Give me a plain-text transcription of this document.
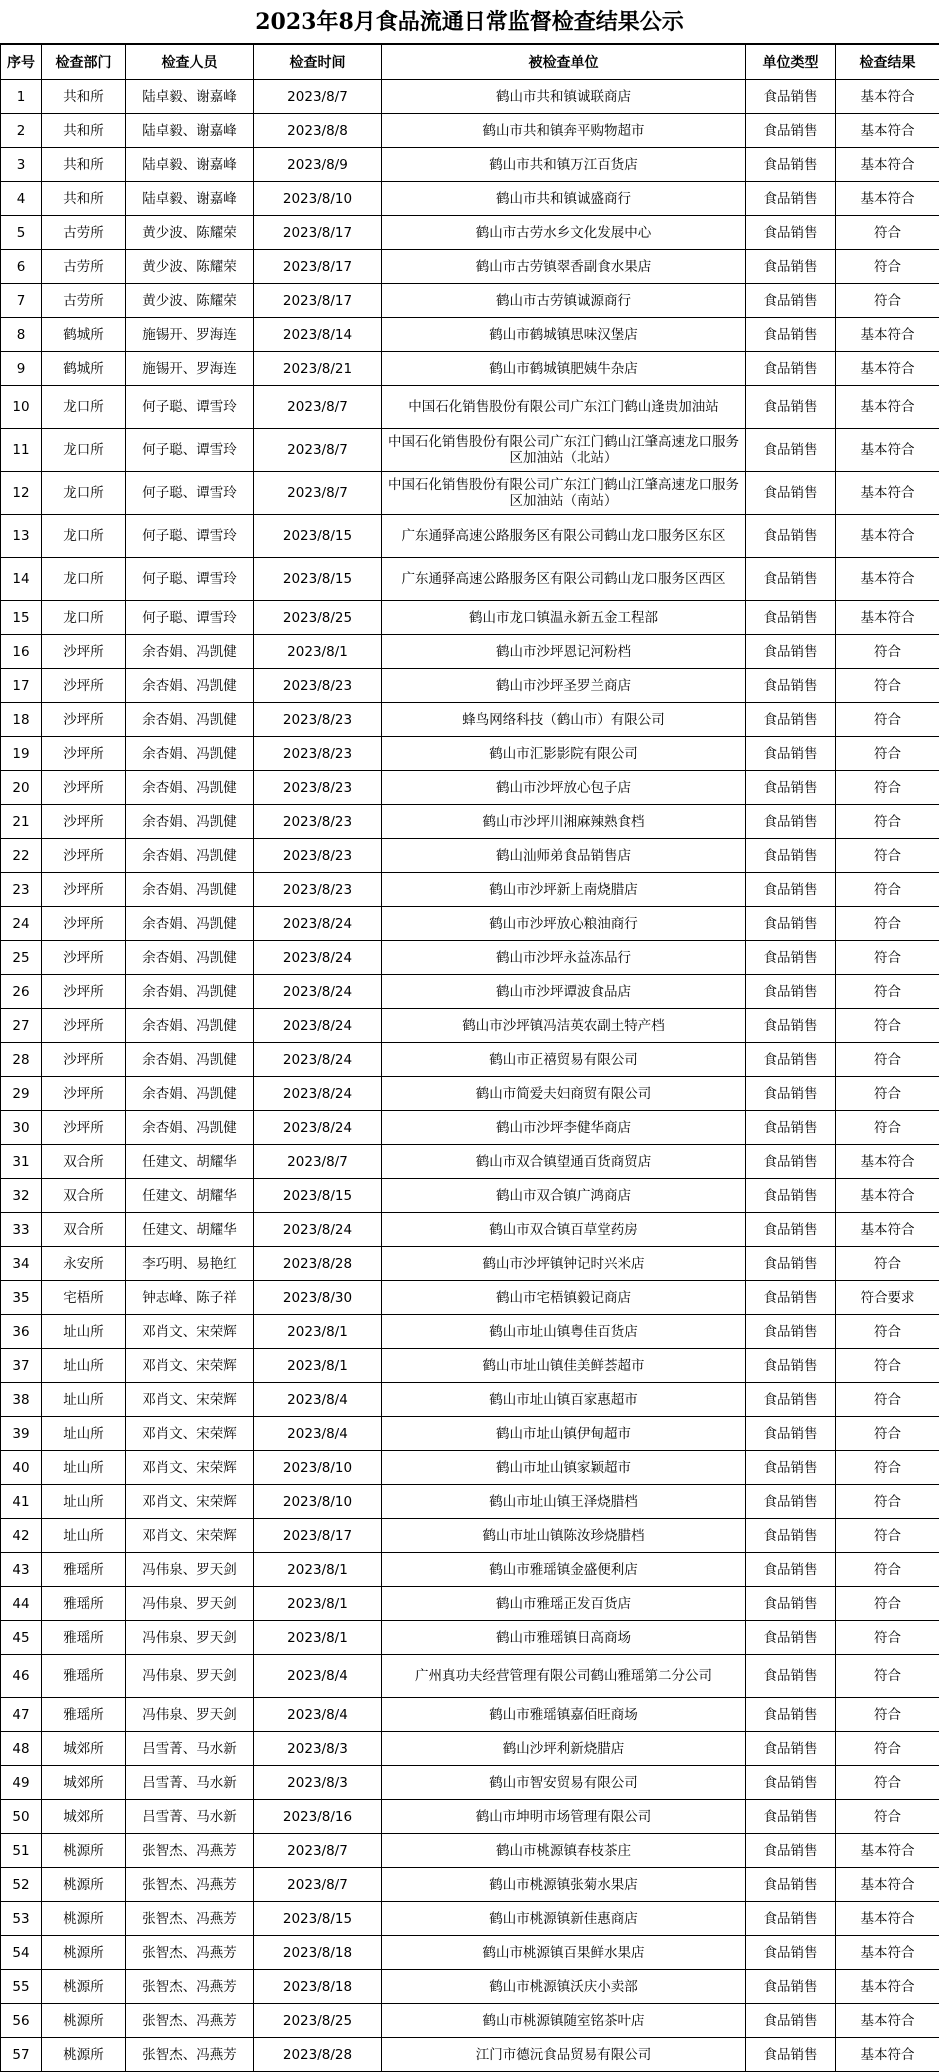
2023年8月食品流通日常监督检查结果公示
序号	检查部门	检查人员	检查时间	被检查单位	单位类型	检查结果
1	共和所	陆卓毅、谢嘉峰	2023/8/7	鹤山市共和镇诚联商店	食品销售	基本符合
2	共和所	陆卓毅、谢嘉峰	2023/8/8	鹤山市共和镇奔平购物超市	食品销售	基本符合
3	共和所	陆卓毅、谢嘉峰	2023/8/9	鹤山市共和镇万江百货店	食品销售	基本符合
4	共和所	陆卓毅、谢嘉峰	2023/8/10	鹤山市共和镇诚盛商行	食品销售	基本符合
5	古劳所	黄少波、陈耀荣	2023/8/17	鹤山市古劳水乡文化发展中心	食品销售	符合
6	古劳所	黄少波、陈耀荣	2023/8/17	鹤山市古劳镇翠香副食水果店	食品销售	符合
7	古劳所	黄少波、陈耀荣	2023/8/17	鹤山市古劳镇诚源商行	食品销售	符合
8	鹤城所	施锡开、罗海连	2023/8/14	鹤山市鹤城镇思味汉堡店	食品销售	基本符合
9	鹤城所	施锡开、罗海连	2023/8/21	鹤山市鹤城镇肥姨牛杂店	食品销售	基本符合
10	龙口所	何子聪、谭雪玲	2023/8/7	中国石化销售股份有限公司广东江门鹤山逢贵加油站	食品销售	基本符合
11	龙口所	何子聪、谭雪玲	2023/8/7	中国石化销售股份有限公司广东江门鹤山江肇高速龙口服务区加油站（北站）	食品销售	基本符合
12	龙口所	何子聪、谭雪玲	2023/8/7	中国石化销售股份有限公司广东江门鹤山江肇高速龙口服务区加油站（南站）	食品销售	基本符合
13	龙口所	何子聪、谭雪玲	2023/8/15	广东通驿高速公路服务区有限公司鹤山龙口服务区东区	食品销售	基本符合
14	龙口所	何子聪、谭雪玲	2023/8/15	广东通驿高速公路服务区有限公司鹤山龙口服务区西区	食品销售	基本符合
15	龙口所	何子聪、谭雪玲	2023/8/25	鹤山市龙口镇温永新五金工程部	食品销售	基本符合
16	沙坪所	余杏娟、冯凯健	2023/8/1	鹤山市沙坪恩记河粉档	食品销售	符合
17	沙坪所	余杏娟、冯凯健	2023/8/23	鹤山市沙坪圣罗兰商店	食品销售	符合
18	沙坪所	余杏娟、冯凯健	2023/8/23	蜂鸟网络科技（鹤山市）有限公司	食品销售	符合
19	沙坪所	余杏娟、冯凯健	2023/8/23	鹤山市汇影影院有限公司	食品销售	符合
20	沙坪所	余杏娟、冯凯健	2023/8/23	鹤山市沙坪放心包子店	食品销售	符合
21	沙坪所	余杏娟、冯凯健	2023/8/23	鹤山市沙坪川湘麻辣熟食档	食品销售	符合
22	沙坪所	余杏娟、冯凯健	2023/8/23	鹤山汕师弟食品销售店	食品销售	符合
23	沙坪所	余杏娟、冯凯健	2023/8/23	鹤山市沙坪新上南烧腊店	食品销售	符合
24	沙坪所	余杏娟、冯凯健	2023/8/24	鹤山市沙坪放心粮油商行	食品销售	符合
25	沙坪所	余杏娟、冯凯健	2023/8/24	鹤山市沙坪永益冻品行	食品销售	符合
26	沙坪所	余杏娟、冯凯健	2023/8/24	鹤山市沙坪谭波食品店	食品销售	符合
27	沙坪所	余杏娟、冯凯健	2023/8/24	鹤山市沙坪镇冯洁英农副土特产档	食品销售	符合
28	沙坪所	余杏娟、冯凯健	2023/8/24	鹤山市正禧贸易有限公司	食品销售	符合
29	沙坪所	余杏娟、冯凯健	2023/8/24	鹤山市简爱夫妇商贸有限公司	食品销售	符合
30	沙坪所	余杏娟、冯凯健	2023/8/24	鹤山市沙坪李健华商店	食品销售	符合
31	双合所	任建文、胡耀华	2023/8/7	鹤山市双合镇望通百货商贸店	食品销售	基本符合
32	双合所	任建文、胡耀华	2023/8/15	鹤山市双合镇广鸿商店	食品销售	基本符合
33	双合所	任建文、胡耀华	2023/8/24	鹤山市双合镇百草堂药房	食品销售	基本符合
34	永安所	李巧明、易艳红	2023/8/28	鹤山市沙坪镇钟记时兴米店	食品销售	符合
35	宅梧所	钟志峰、陈子祥	2023/8/30	鹤山市宅梧镇毅记商店	食品销售	符合要求
36	址山所	邓肖文、宋荣辉	2023/8/1	鹤山市址山镇粤佳百货店	食品销售	符合
37	址山所	邓肖文、宋荣辉	2023/8/1	鹤山市址山镇佳美鲜荟超市	食品销售	符合
38	址山所	邓肖文、宋荣辉	2023/8/4	鹤山市址山镇百家惠超市	食品销售	符合
39	址山所	邓肖文、宋荣辉	2023/8/4	鹤山市址山镇伊甸超市	食品销售	符合
40	址山所	邓肖文、宋荣辉	2023/8/10	鹤山市址山镇家颖超市	食品销售	符合
41	址山所	邓肖文、宋荣辉	2023/8/10	鹤山市址山镇王泽烧腊档	食品销售	符合
42	址山所	邓肖文、宋荣辉	2023/8/17	鹤山市址山镇陈汝珍烧腊档	食品销售	符合
43	雅瑶所	冯伟泉、罗天剑	2023/8/1	鹤山市雅瑶镇金盛便利店	食品销售	符合
44	雅瑶所	冯伟泉、罗天剑	2023/8/1	鹤山市雅瑶正发百货店	食品销售	符合
45	雅瑶所	冯伟泉、罗天剑	2023/8/1	鹤山市雅瑶镇日高商场	食品销售	符合
46	雅瑶所	冯伟泉、罗天剑	2023/8/4	广州真功夫经营管理有限公司鹤山雅瑶第二分公司	食品销售	符合
47	雅瑶所	冯伟泉、罗天剑	2023/8/4	鹤山市雅瑶镇嘉佰旺商场	食品销售	符合
48	城郊所	吕雪菁、马水新	2023/8/3	鹤山沙坪利新烧腊店	食品销售	符合
49	城郊所	吕雪菁、马水新	2023/8/3	鹤山市智安贸易有限公司	食品销售	符合
50	城郊所	吕雪菁、马水新	2023/8/16	鹤山市坤明市场管理有限公司	食品销售	符合
51	桃源所	张智杰、冯燕芳	2023/8/7	鹤山市桃源镇春枝茶庄	食品销售	基本符合
52	桃源所	张智杰、冯燕芳	2023/8/7	鹤山市桃源镇张菊水果店	食品销售	基本符合
53	桃源所	张智杰、冯燕芳	2023/8/15	鹤山市桃源镇新佳惠商店	食品销售	基本符合
54	桃源所	张智杰、冯燕芳	2023/8/18	鹤山市桃源镇百果鲜水果店	食品销售	基本符合
55	桃源所	张智杰、冯燕芳	2023/8/18	鹤山市桃源镇沃庆小卖部	食品销售	基本符合
56	桃源所	张智杰、冯燕芳	2023/8/25	鹤山市桃源镇随室铭茶叶店	食品销售	基本符合
57	桃源所	张智杰、冯燕芳	2023/8/28	江门市德沅食品贸易有限公司	食品销售	基本符合
